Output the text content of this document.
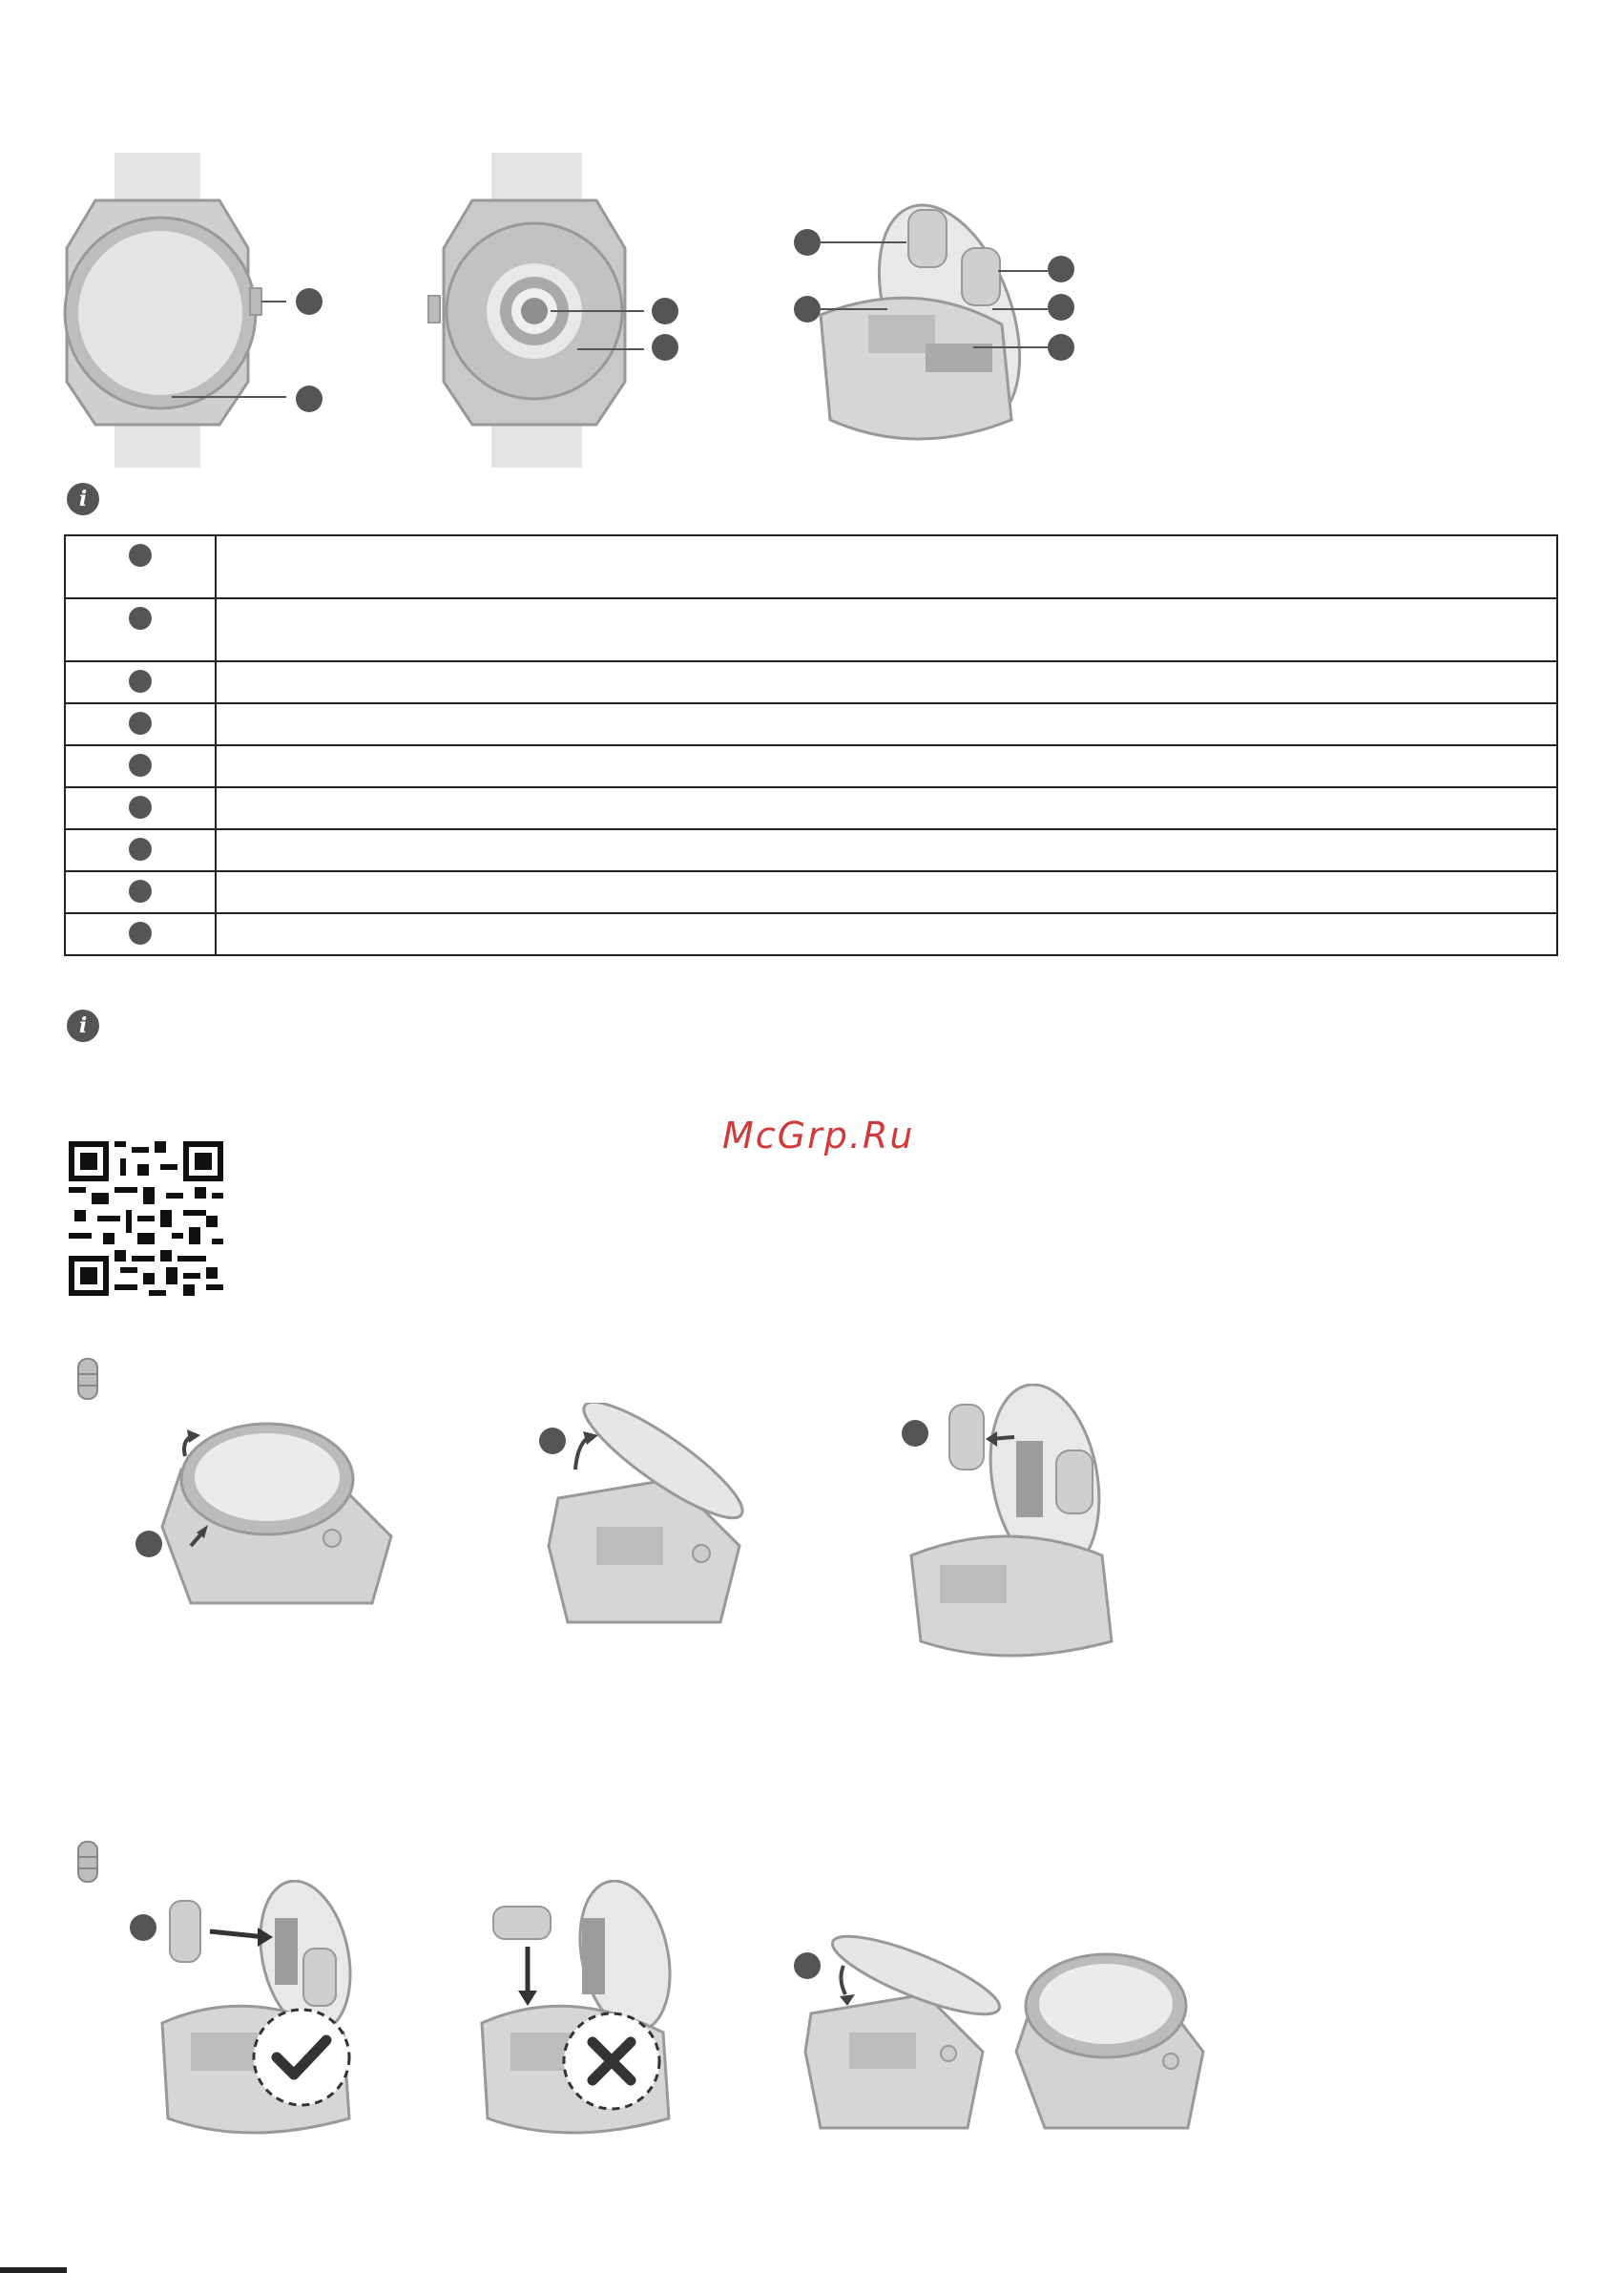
i

i
McGrp.Ru
